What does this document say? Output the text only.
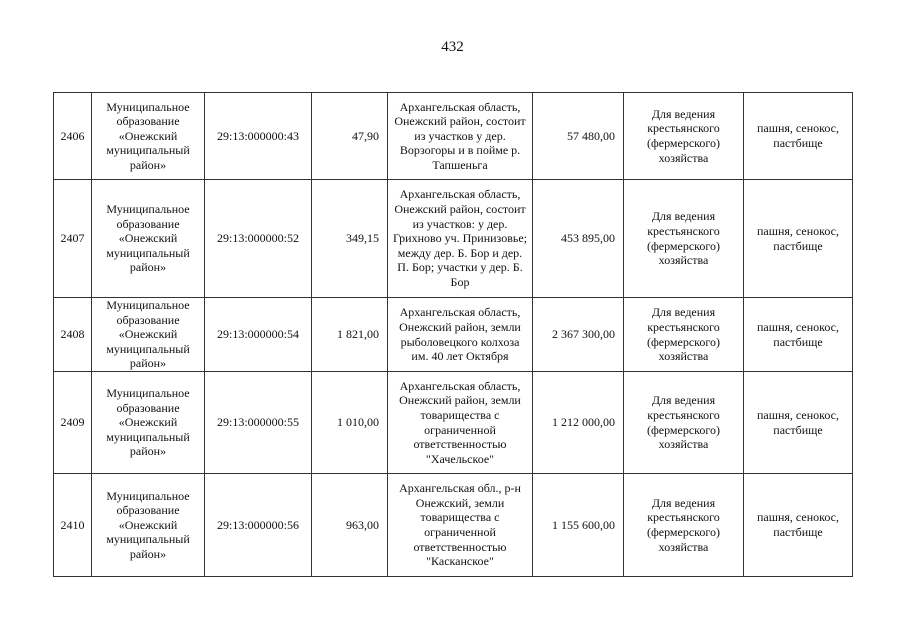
432
2406	Муниципальное образование «Онежский муниципальный район»	29:13:000000:43	47,90	Архангельская область, Онежский район, состоит из участков у дер. Ворзогоры и в пойме р. Тапшеньга	57 480,00	Для ведения крестьянского (фермерского) хозяйства	пашня, сенокос, пастбище
2407	Муниципальное образование «Онежский муниципальный район»	29:13:000000:52	349,15	Архангельская область, Онежский район, состоит из участков: у дер. Грихново уч. Принизовье; между дер. Б. Бор и дер. П. Бор; участки у дер. Б. Бор	453 895,00	Для ведения крестьянского (фермерского) хозяйства	пашня, сенокос, пастбище
2408	Муниципальное образование «Онежский муниципальный район»	29:13:000000:54	1 821,00	Архангельская область, Онежский район, земли рыболовецкого колхоза им. 40 лет Октября	2 367 300,00	Для ведения крестьянского (фермерского) хозяйства	пашня, сенокос, пастбище
2409	Муниципальное образование «Онежский муниципальный район»	29:13:000000:55	1 010,00	Архангельская область, Онежский район, земли товарищества с ограниченной ответственностью "Хачельское"	1 212 000,00	Для ведения крестьянского (фермерского) хозяйства	пашня, сенокос, пастбище
2410	Муниципальное образование «Онежский муниципальный район»	29:13:000000:56	963,00	Архангельская обл., р-н Онежский, земли товарищества с ограниченной ответственностью "Касканское"	1 155 600,00	Для ведения крестьянского (фермерского) хозяйства	пашня, сенокос, пастбище
